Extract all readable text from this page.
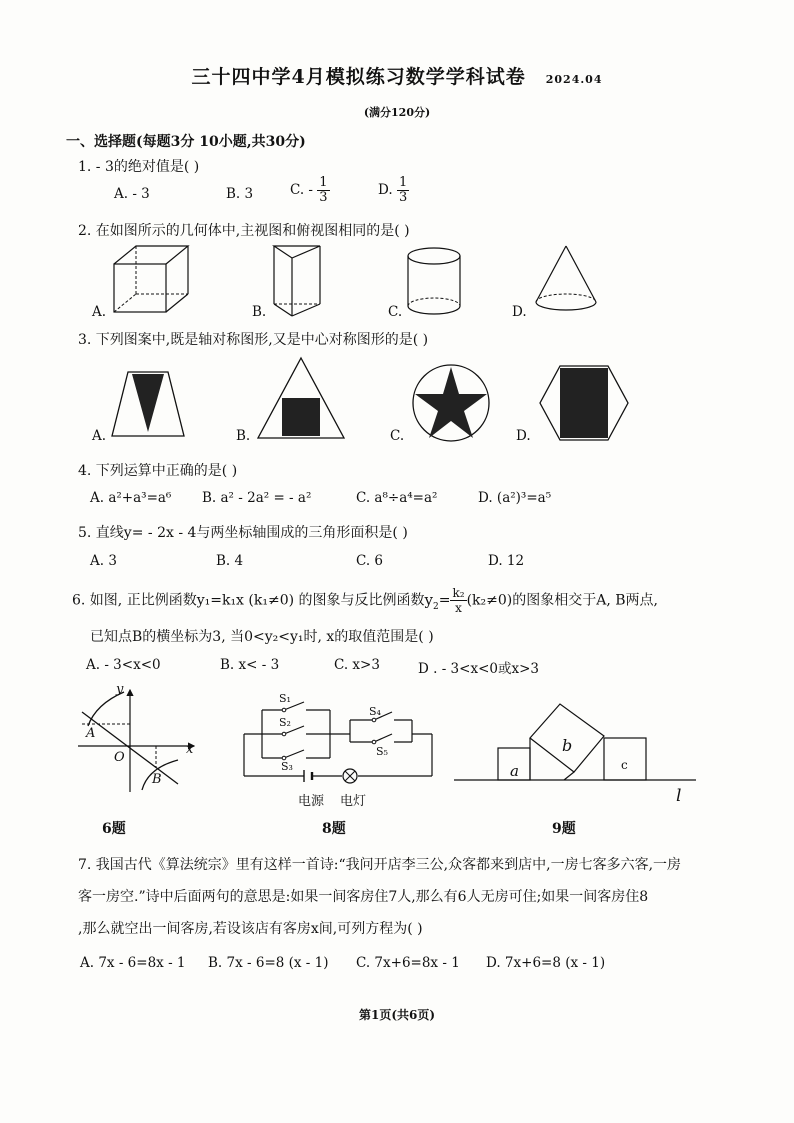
三十四中学4月模拟练习数学学科试卷 2024.04
(满分120分)
一、选择题(每题3分 10小题,共30分)
1. - 3的绝对值是( )
A. - 3	B. 3	C. - $\frac{1}{3}$	D. $\frac{1}{3}$
2. 在如图所示的几何体中,主视图和俯视图相同的是( )
A.	B.	C.	D.
3. 下列图案中,既是轴对称图形,又是中心对称图形的是( )
A.	B.	C.	D.
4. 下列运算中正确的是( )
A. a²+a³=a⁶ B. a² - 2a² = - a²	C. a⁸÷a⁴=a²	D. (a²)³=a⁵
5. 直线y= - 2x - 4与两坐标轴围成的三角形面积是( )
A. 3	B. 4	C. 6	D. 12
6. 如图, 正比例函数y₁=k₁x (k₁≠0) 的图象与反比例函数$y_2= \frac{\text{k₂}}{x} (k_2\ne 0)$的图象相交于A, B两点,
已知点B的横坐标为3, 当0<y₂<y₁时, x的取值范围是( )
A. - 3<x<0	B. x< - 3	C. x>3	D . - 3<x<0或x>3
y
x
O
A
B
6题
S₁
S₂
S₃
S₄
S₅
电源 电灯
8题
a
b
c
l
9题
7. 我国古代《算法统宗》里有这样一首诗:“我问开店李三公,众客都来到店中,一房七客多六客,一房
客一房空.”诗中后面两句的意思是:如果一间客房住7人,那么有6人无房可住;如果一间客房住8
,那么就空出一间客房,若设该店有客房x间,可列方程为( )
A. 7x - 6=8x - 1 B. 7x - 6=8 (x - 1) C. 7x+6=8x - 1 D. 7x+6=8 (x - 1)
第1页(共6页)
